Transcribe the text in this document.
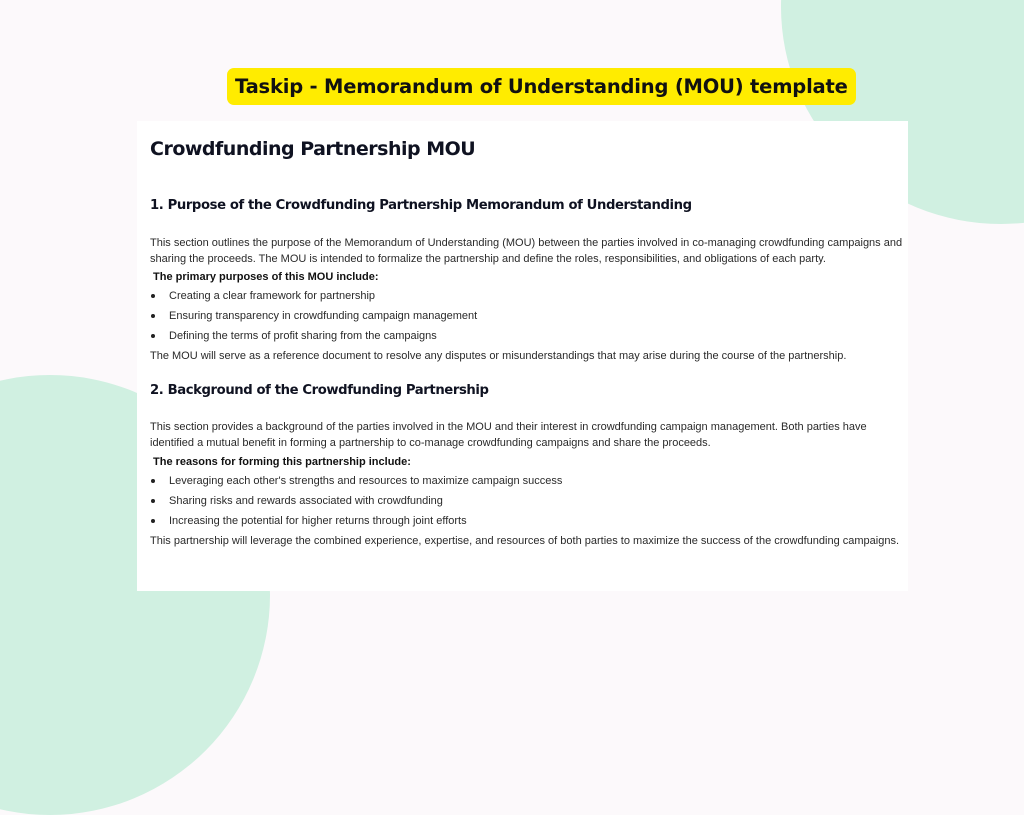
Taskip - Memorandum of Understanding (MOU) template
Crowdfunding Partnership MOU
1. Purpose of the Crowdfunding Partnership Memorandum of Understanding

This section outlines the purpose of the Memorandum of Understanding (MOU) between the parties involved in co-managing crowdfunding campaigns and sharing the proceeds. The MOU is intended to formalize the partnership and define the roles, responsibilities, and obligations of each party.

The primary purposes of this MOU include:

Creating a clear framework for partnership
Ensuring transparency in crowdfunding campaign management
Defining the terms of profit sharing from the campaigns

The MOU will serve as a reference document to resolve any disputes or misunderstandings that may arise during the course of the partnership.

2. Background of the Crowdfunding Partnership

This section provides a background of the parties involved in the MOU and their interest in crowdfunding campaign management. Both parties have identified a mutual benefit in forming a partnership to co-manage crowdfunding campaigns and share the proceeds.

The reasons for forming this partnership include:

Leveraging each other's strengths and resources to maximize campaign success
Sharing risks and rewards associated with crowdfunding
Increasing the potential for higher returns through joint efforts

This partnership will leverage the combined experience, expertise, and resources of both parties to maximize the success of the crowdfunding campaigns.
